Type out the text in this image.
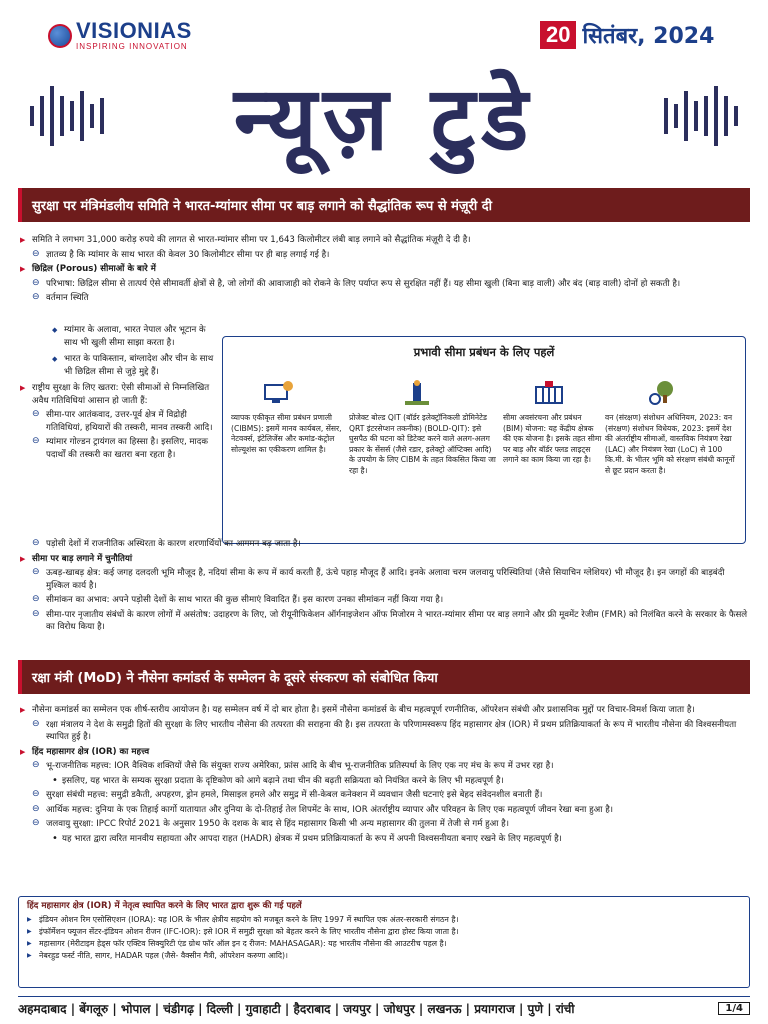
VISIONIAS
INSPIRING INNOVATION	20 सितंबर, 2024
न्यूज़ टुडे
सुरक्षा पर मंत्रिमंडलीय समिति ने भारत-म्यांमार सीमा पर बाड़ लगाने को सैद्धांतिक रूप से मंज़ूरी दी
▶ समिति ने लगभग 31,000 करोड़ रुपये की लागत से भारत-म्यांमार सीमा पर 1,643 किलोमीटर लंबी बाड़ लगाने को सैद्धांतिक मंज़ूरी दे दी है।
⊖ ज्ञातव्य है कि म्यांमार के साथ भारत की केवल 30 किलोमीटर सीमा पर ही बाड़ लगाई गई है।
▶ छिद्रिल (Porous) सीमाओं के बारे में
⊖ परिभाषा: छिद्रिल सीमा से तात्पर्य ऐसे सीमावर्ती क्षेत्रों से है, जो लोगों की आवाजाही को रोकने के लिए पर्याप्त रूप से सुरक्षित नहीं हैं। यह सीमा खुली (बिना बाड़ वाली) और बंद (बाड़ वाली) दोनों हो सकती है।
⊖ वर्तमान स्थिति
◆ म्यांमार के अलावा, भारत नेपाल और भूटान के साथ भी खुली सीमा साझा करता है।
◆ भारत के पाकिस्तान, बांग्लादेश और चीन के साथ भी छिद्रिल सीमा से जुड़े मुद्दे हैं।
▶ राष्ट्रीय सुरक्षा के लिए खतरा: ऐसी सीमाओं से निम्नलिखित अवैध गतिविधियां आसान हो जाती हैं:
⊖ सीमा-पार आतंकवाद, उत्तर-पूर्व क्षेत्र में विद्रोही गतिविधियां, हथियारों की तस्करी, मानव तस्करी आदि।
⊖ म्यांमार गोल्डन ट्रायंगल का हिस्सा है। इसलिए, मादक पदार्थों की तस्करी का खतरा बना रहता है।
प्रभावी सीमा प्रबंधन के लिए पहलें
व्यापक एकीकृत सीमा प्रबंधन प्रणाली (CIBMS): इसमें मानव कार्यबल, सेंसर, नेटवर्क्स, इंटेलिजेंस और कमांड-कंट्रोल सोल्यूशंस का एकीकरण शामिल है।
प्रोजेक्ट बोल्ड QIT (बॉर्डर इलेक्ट्रॉनिकली डोमिनेटेड QRT इंटरसेप्शन तकनीक) (BOLD-QIT): इसे घुसपैठ की घटना को डिटेक्ट करने वाले अलग-अलग प्रकार के सेंसर्स (जैसे रडार, इलेक्ट्रो ऑप्टिक्स आदि) के उपयोग के लिए CIBM के तहत विकसित किया जा रहा है।
सीमा अवसंरचना और प्रबंधन (BIM) योजना: यह केंद्रीय क्षेत्रक की एक योजना है। इसके तहत सीमा पर बाड़ और बॉर्डर फ्लड लाइट्स लगाने का काम किया जा रहा है।
वन (संरक्षण) संशोधन अधिनियम, 2023: वन (संरक्षण) संशोधन विधेयक, 2023: इसमें देश की अंतर्राष्ट्रीय सीमाओं, वास्तविक नियंत्रण रेखा (LAC) और नियंत्रण रेखा (LoC) से 100 कि.मी. के भीतर भूमि को संरक्षण संबंधी कानूनों से छूट प्रदान करता है।
⊖ पड़ोसी देशों में राजनीतिक अस्थिरता के कारण शरणार्थियों का आगमन बढ़ जाता है।
▶ सीमा पर बाड़ लगाने में चुनौतियां
⊖ ऊबड़-खाबड़ क्षेत्र: कई जगह दलदली भूमि मौजूद है, नदियां सीमा के रूप में कार्य करती हैं, ऊंचे पहाड़ मौजूद हैं आदि। इनके अलावा चरम जलवायु परिस्थितियां (जैसे सियाचिन ग्लेशियर) भी मौजूद है। इन जगहों की बाड़बंदी मुश्किल कार्य है।
⊖ सीमांकन का अभाव: अपने पड़ोसी देशों के साथ भारत की कुछ सीमाएं विवादित हैं। इस कारण उनका सीमांकन नहीं किया गया है।
⊖ सीमा-पार नृजातीय संबंधों के कारण लोगों में असंतोष: उदाहरण के लिए, जो रीयूनीफिकेशन ऑर्गनाइजेशन ऑफ मिजोरम ने भारत-म्यांमार सीमा पर बाड़ लगाने और फ्री मूवमेंट रेजीम (FMR) को निलंबित करने के सरकार के फैसले का विरोध किया है।
रक्षा मंत्री (MoD) ने नौसेना कमांडर्स के सम्मेलन के दूसरे संस्करण को संबोधित किया
▶ नौसेना कमांडर्स का सम्मेलन एक शीर्ष-स्तरीय आयोजन है। यह सम्मेलन वर्ष में दो बार होता है। इसमें नौसेना कमांडर्स के बीच महत्वपूर्ण रणनीतिक, ऑपरेशन संबंधी और प्रशासनिक मुद्दों पर विचार-विमर्श किया जाता है।
⊖ रक्षा मंत्रालय ने देश के समुद्री हितों की सुरक्षा के लिए भारतीय नौसेना की तत्परता की सराहना की है। इस तत्परता के परिणामस्वरूप हिंद महासागर क्षेत्र (IOR) में प्रथम प्रतिक्रियाकर्ता के रूप में भारतीय नौसेना की विश्वसनीयता स्थापित हुई है।
▶ हिंद महासागर क्षेत्र (IOR) का महत्त्व
⊖ भू-राजनीतिक महत्त्व: IOR वैश्विक शक्तियों जैसे कि संयुक्त राज्य अमेरिका, फ्रांस आदि के बीच भू-राजनीतिक प्रतिस्पर्धा के लिए एक नए मंच के रूप में उभर रहा है।
• इसलिए, यह भारत के सम्यक सुरक्षा प्रदाता के दृष्टिकोण को आगे बढ़ाने तथा चीन की बढ़ती सक्रियता को नियंत्रित करने के लिए भी महत्वपूर्ण है।
⊖ सुरक्षा संबंधी महत्त्व: समुद्री डकैती, अपहरण, ड्रोन हमले, मिसाइल हमले और समुद्र में सी-केबल कनेक्शन में व्यवधान जैसी घटनाएं इसे बेहद संवेदनशील बनाती हैं।
⊖ आर्थिक महत्त्व: दुनिया के एक तिहाई कार्गो यातायात और दुनिया के दो-तिहाई तेल शिपमेंट के साथ, IOR अंतर्राष्ट्रीय व्यापार और परिवहन के लिए एक महत्वपूर्ण जीवन रेखा बना हुआ है।
⊖ जलवायु सुरक्षा: IPCC रिपोर्ट 2021 के अनुसार 1950 के दशक के बाद से हिंद महासागर किसी भी अन्य महासागर की तुलना में तेजी से गर्म हुआ है।
• यह भारत द्वारा त्वरित मानवीय सहायता और आपदा राहत (HADR) क्षेत्रक में प्रथम प्रतिक्रियाकर्ता के रूप में अपनी विश्वसनीयता बनाए रखने के लिए महत्वपूर्ण है।
हिंद महासागर क्षेत्र (IOR) में नेतृत्व स्थापित करने के लिए भारत द्वारा शुरू की गई पहलें
▶ इंडियन ओशन रिम एसोसिएशन (IORA): यह IOR के भीतर क्षेत्रीय सहयोग को मजबूत करने के लिए 1997 में स्थापित एक अंतर-सरकारी संगठन है।
▶ इंफॉर्मेशन फ्यूजन सेंटर-इंडियन ओशन रीजन (IFC-IOR): इसे IOR में समुद्री सुरक्षा को बेहतर करने के लिए भारतीय नौसेना द्वारा होस्ट किया जाता है।
▶ महासागर (मेरीटाइम हेड्स फॉर एक्टिव सिक्युरिटी एंड ग्रोथ फॉर ऑल इन द रीजन: MAHASAGAR): यह भारतीय नौसेना की आउटरीच पहल है।
▶ नेबरहुड फर्स्ट नीति, सागर, HADAR पहल (जैसे- वैक्सीन मैत्री, ऑपरेशन करुणा आदि)।
अहमदाबाद | बेंगलूरु | भोपाल | चंडीगढ़ | दिल्ली | गुवाहाटी | हैदराबाद | जयपुर | जोधपुर | लखनऊ | प्रयागराज | पुणे | रांची	1/4
